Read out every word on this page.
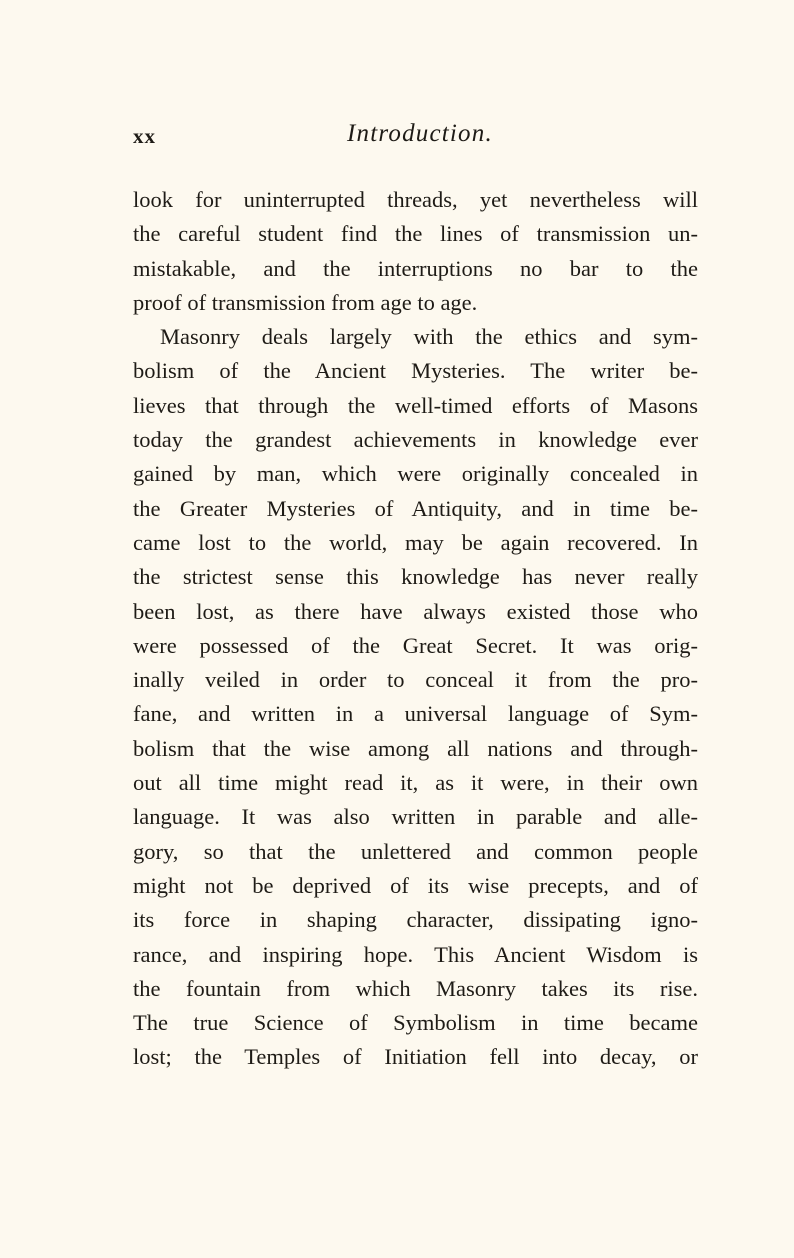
xx	Introduction.
look for uninterrupted threads, yet nevertheless will
the careful student find the lines of transmission un-
mistakable, and the interruptions no bar to the
proof of transmission from age to age.
Masonry deals largely with the ethics and sym-
bolism of the Ancient Mysteries. The writer be-
lieves that through the well-timed efforts of Masons
today the grandest achievements in knowledge ever
gained by man, which were originally concealed in
the Greater Mysteries of Antiquity, and in time be-
came lost to the world, may be again recovered. In
the strictest sense this knowledge has never really
been lost, as there have always existed those who
were possessed of the Great Secret. It was orig-
inally veiled in order to conceal it from the pro-
fane, and written in a universal language of Sym-
bolism that the wise among all nations and through-
out all time might read it, as it were, in their own
language. It was also written in parable and alle-
gory, so that the unlettered and common people
might not be deprived of its wise precepts, and of
its force in shaping character, dissipating igno-
rance, and inspiring hope. This Ancient Wisdom is
the fountain from which Masonry takes its rise.
The true Science of Symbolism in time became
lost; the Temples of Initiation fell into decay, or
